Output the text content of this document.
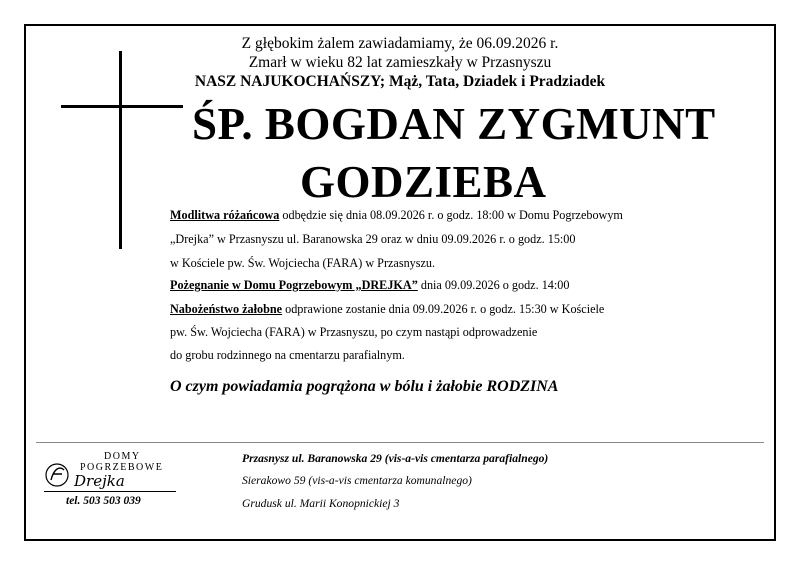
Z głębokim żalem zawiadamiamy, że 06.09.2026 r.
Zmarł w wieku 82 lat zamieszkały w Przasnyszu
NASZ NAJUKOCHAŃSZY; Mąż, Tata, Dziadek i Pradziadek
ŚP. BOGDAN ZYGMUNT
GODZIEBA
Modlitwa różańcowa odbędzie się dnia 08.09.2026 r. o godz. 18:00 w Domu Pogrzebowym
„Drejka” w Przasnyszu ul. Baranowska 29 oraz w dniu 09.09.2026 r. o godz. 15:00
w Kościele pw. Św. Wojciecha (FARA) w Przasnyszu.
Pożegnanie w Domu Pogrzebowym „DREJKA” dnia 09.09.2026 o godz. 14:00
Nabożeństwo żałobne odprawione zostanie dnia 09.09.2026 r. o godz. 15:30 w Kościele
pw. Św. Wojciecha (FARA) w Przasnyszu, po czym nastąpi odprowadzenie
do grobu rodzinnego na cmentarzu parafialnym.
O czym powiadamia pogrążona w bólu i żałobie RODZINA
DOMY
POGRZEBOWE
Drejka
tel. 503 503 039
Przasnysz ul. Baranowska 29 (vis-a-vis cmentarza parafialnego)
Sierakowo 59 (vis-a-vis cmentarza komunalnego)
Grudusk ul. Marii Konopnickiej 3
